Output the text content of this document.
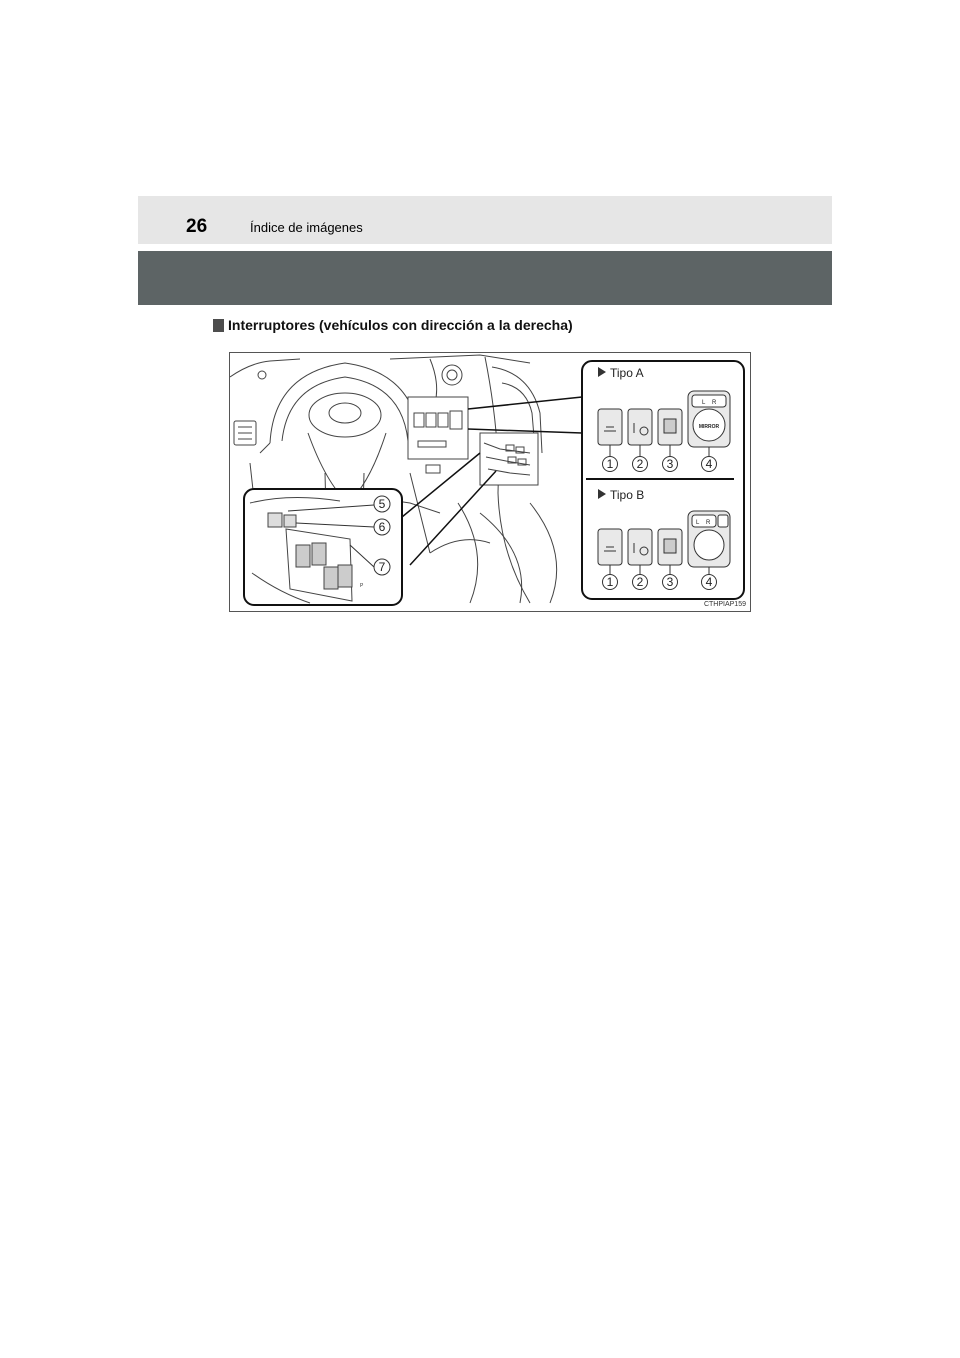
26	Índice de imágenes
Interruptores (vehículos con dirección a la derecha)
Tipo A
L R
MIRROR
Tipo B
L R
1 2 3	4
1 2 3	4
P
5
6
7
CTHPIAP159
